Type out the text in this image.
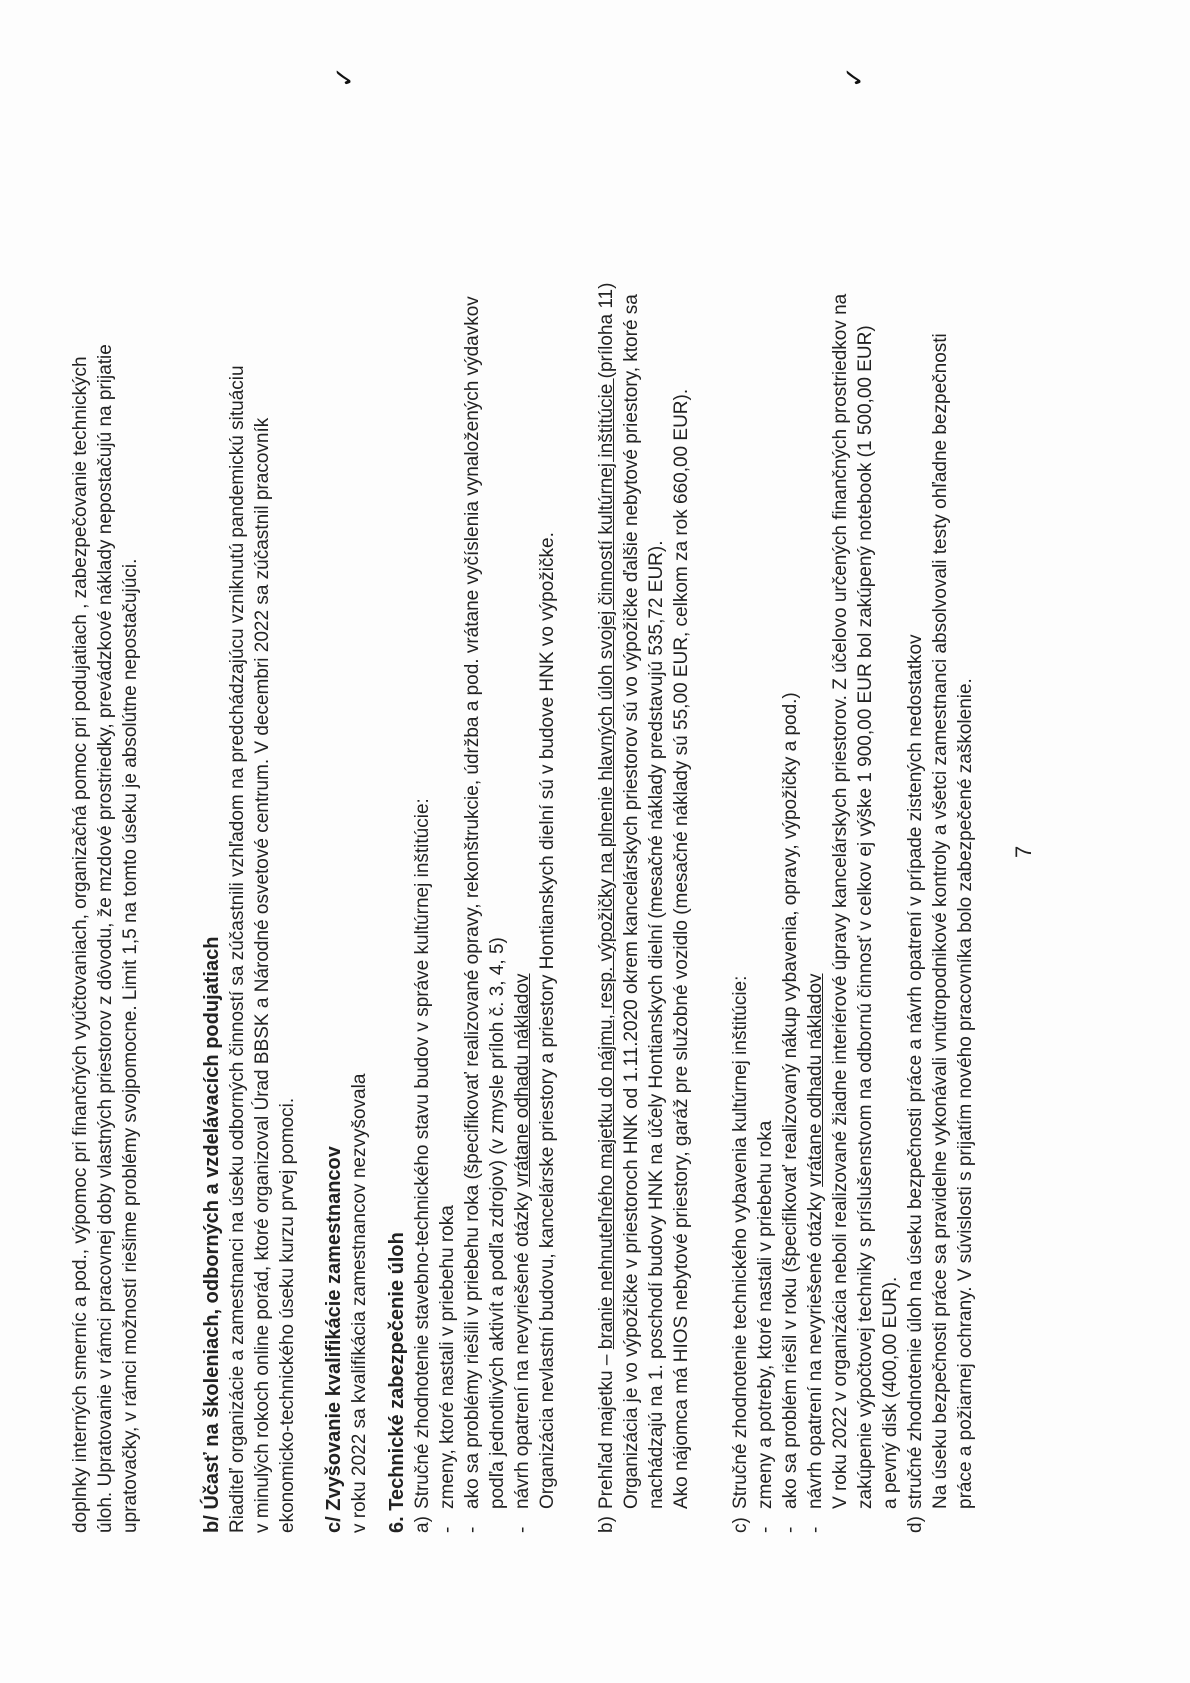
doplnky interných smerníc a pod., výpomoc pri finančných vyúčtovaniach, organizačná pomoc pri podujatiach , zabezpečovanie technických úloh. Upratovanie v rámci pracovnej doby vlastných priestorov z dôvodu, že mzdové prostriedky, prevádzkové náklady nepostačujú na prijatie upratovačky, v rámci možností riešime problémy svojpomocne. Limit 1,5 na tomto úseku je absolútne nepostačujúci.	b/ Účasť na školeniach, odborných a vzdelávacích podujatiach Riaditeľ organizácie a zamestnanci na úseku odborných činností sa zúčastnili vzhľadom na predchádzajúcu vzniknutú pandemickú situáciu v minulých rokoch online porád, ktoré organizoval Úrad BBSK a Národné osvetové centrum. V decembri 2022 sa zúčastnil pracovník ekonomicko-technického úseku kurzu prvej pomoci. c/ Zvyšovanie kvalifikácie zamestnancov v roku 2022 sa kvalifikácia zamestnancov nezvyšovala 6. Technické zabezpečenie úloh a)
Stručné zhodnotenie stavebno-technického stavu budov v správe kultúrnej inštitúcie:
-
zmeny, ktoré nastali v priebehu roka
-
ako sa problémy riešili v priebehu roka (špecifikovať realizované opravy, rekonštrukcie, údržba a pod. vrátane vyčíslenia vynaložených výdavkov podľa jednotlivých aktivít a podľa zdrojov) (v zmysle príloh č. 3, 4, 5)
-
návrh opatrení na nevyriešené otázky vrátane odhadu nákladov Organizácia nevlastní budovu, kancelárske priestory a priestory Hontianskych dielní sú v budove HNK vo výpožičke.
b)
Prehľad majetku – branie nehnuteľného majetku do nájmu, resp. výpožičky na plnenie hlavných úloh svojej činností kultúrnej inštitúcie (príloha 11) Organizácia je vo výpožičke v priestoroch HNK od 1.11.2020 okrem kancelárskych priestorov sú vo výpožičke ďalšie nebytové priestory, ktoré sa nachádzajú na 1. poschodí budovy HNK na účely Hontianskych dielní (mesačné náklady predstavujú 535,72 EUR). Ako nájomca má HIOS nebytové priestory, garáž pre služobné vozidlo (mesačné náklady sú 55,00 EUR, celkom za rok 660,00 EUR).
c)
Stručné zhodnotenie technického vybavenia kultúrnej inštitúcie:
-
zmeny a potreby, ktoré nastali v priebehu roka
-
ako sa problém riešil v roku (špecifikovať realizovaný nákup vybavenia, opravy, výpožičky a pod.)
-
návrh opatrení na nevyriešené otázky vrátane odhadu nákladov V roku 2022 v organizácia neboli realizované žiadne interiérové úpravy kancelárskych priestorov. Z účelovo určených finančných prostriedkov na zakúpenie výpočtovej techniky s príslušenstvom na odbornú činnosť v celkov ej výške 1 900,00 EUR bol zakúpený notebook (1 500,00 EUR) a pevný disk (400,00 EUR).
d)
stručné zhodnotenie úloh na úseku bezpečnosti práce a návrh opatrení v prípade zistených nedostatkov Na úseku bezpečnosti práce sa pravidelne vykonávali vnútropodnikové kontroly a všetci zamestnanci absolvovali testy ohľadne bezpečnosti práce a požiarnej ochrany. V súvislosti s prijatím nového pracovníka bolo zabezpečené zaškolenie.
✓	✓
7
